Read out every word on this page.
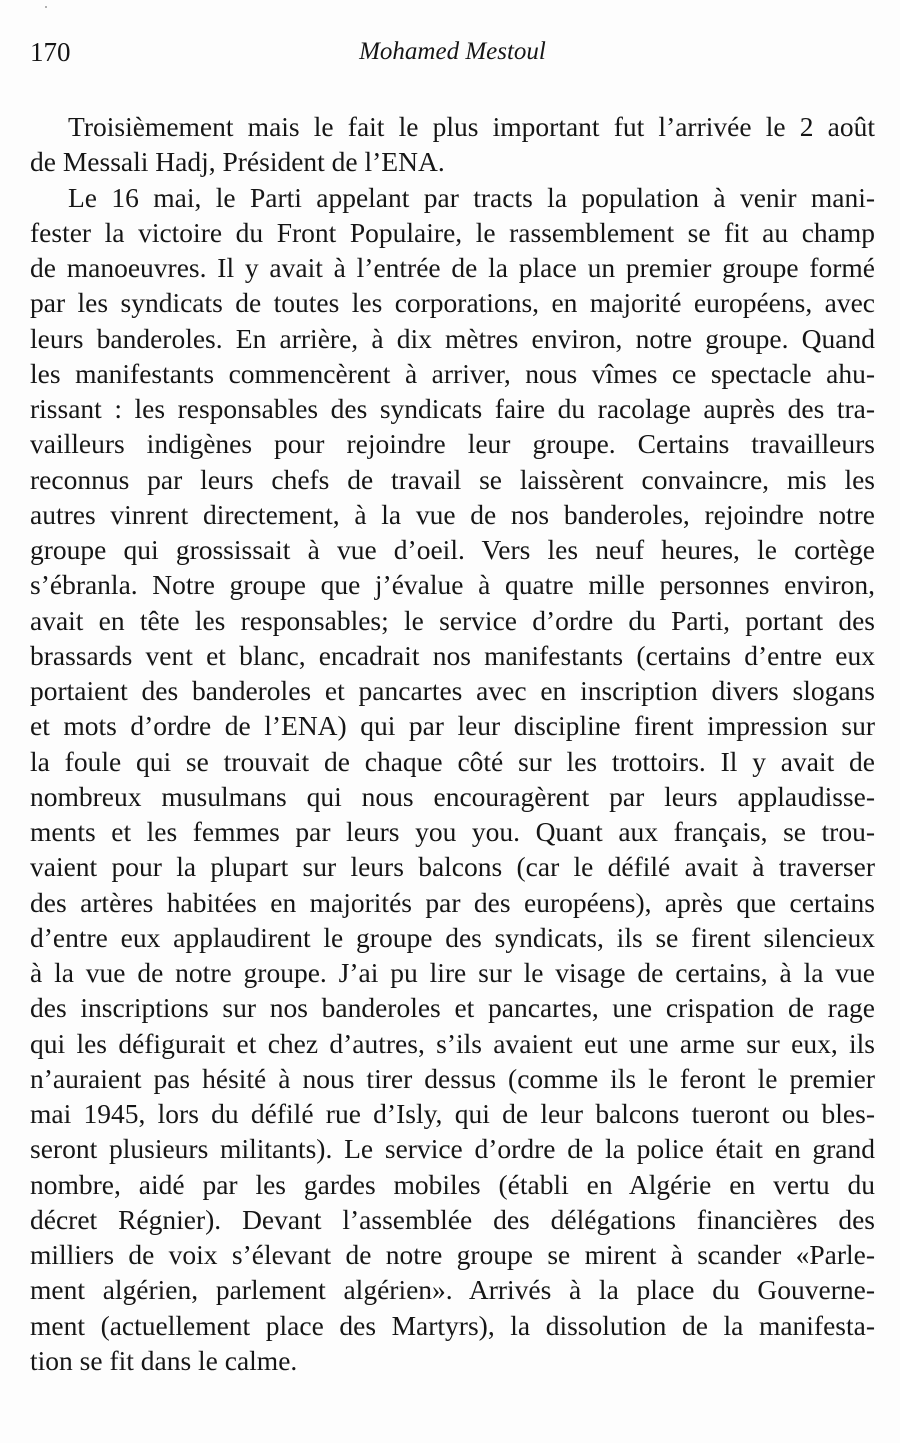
170	Mohamed Mestoul
Troisièmement mais le fait le plus important fut l’arrivée le 2 août
de Messali Hadj, Président de l’ENA.
Le 16 mai, le Parti appelant par tracts la population à venir mani-
fester la victoire du Front Populaire, le rassemblement se fit au champ
de manoeuvres. Il y avait à l’entrée de la place un premier groupe formé
par les syndicats de toutes les corporations, en majorité européens, avec
leurs banderoles. En arrière, à dix mètres environ, notre groupe. Quand
les manifestants commencèrent à arriver, nous vîmes ce spectacle ahu-
rissant : les responsables des syndicats faire du racolage auprès des tra-
vailleurs indigènes pour rejoindre leur groupe. Certains travailleurs
reconnus par leurs chefs de travail se laissèrent convaincre, mis les
autres vinrent directement, à la vue de nos banderoles, rejoindre notre
groupe qui grossissait à vue d’oeil. Vers les neuf heures, le cortège
s’ébranla. Notre groupe que j’évalue à quatre mille personnes environ,
avait en tête les responsables; le service d’ordre du Parti, portant des
brassards vent et blanc, encadrait nos manifestants (certains d’entre eux
portaient des banderoles et pancartes avec en inscription divers slogans
et mots d’ordre de l’ENA) qui par leur discipline firent impression sur
la foule qui se trouvait de chaque côté sur les trottoirs. Il y avait de
nombreux musulmans qui nous encouragèrent par leurs applaudisse-
ments et les femmes par leurs you you. Quant aux français, se trou-
vaient pour la plupart sur leurs balcons (car le défilé avait à traverser
des artères habitées en majorités par des européens), après que certains
d’entre eux applaudirent le groupe des syndicats, ils se firent silencieux
à la vue de notre groupe. J’ai pu lire sur le visage de certains, à la vue
des inscriptions sur nos banderoles et pancartes, une crispation de rage
qui les défigurait et chez d’autres, s’ils avaient eut une arme sur eux, ils
n’auraient pas hésité à nous tirer dessus (comme ils le feront le premier
mai 1945, lors du défilé rue d’Isly, qui de leur balcons tueront ou bles-
seront plusieurs militants). Le service d’ordre de la police était en grand
nombre, aidé par les gardes mobiles (établi en Algérie en vertu du
décret Régnier). Devant l’assemblée des délégations financières des
milliers de voix s’élevant de notre groupe se mirent à scander «Parle-
ment algérien, parlement algérien». Arrivés à la place du Gouverne-
ment (actuellement place des Martyrs), la dissolution de la manifesta-
tion se fit dans le calme.
